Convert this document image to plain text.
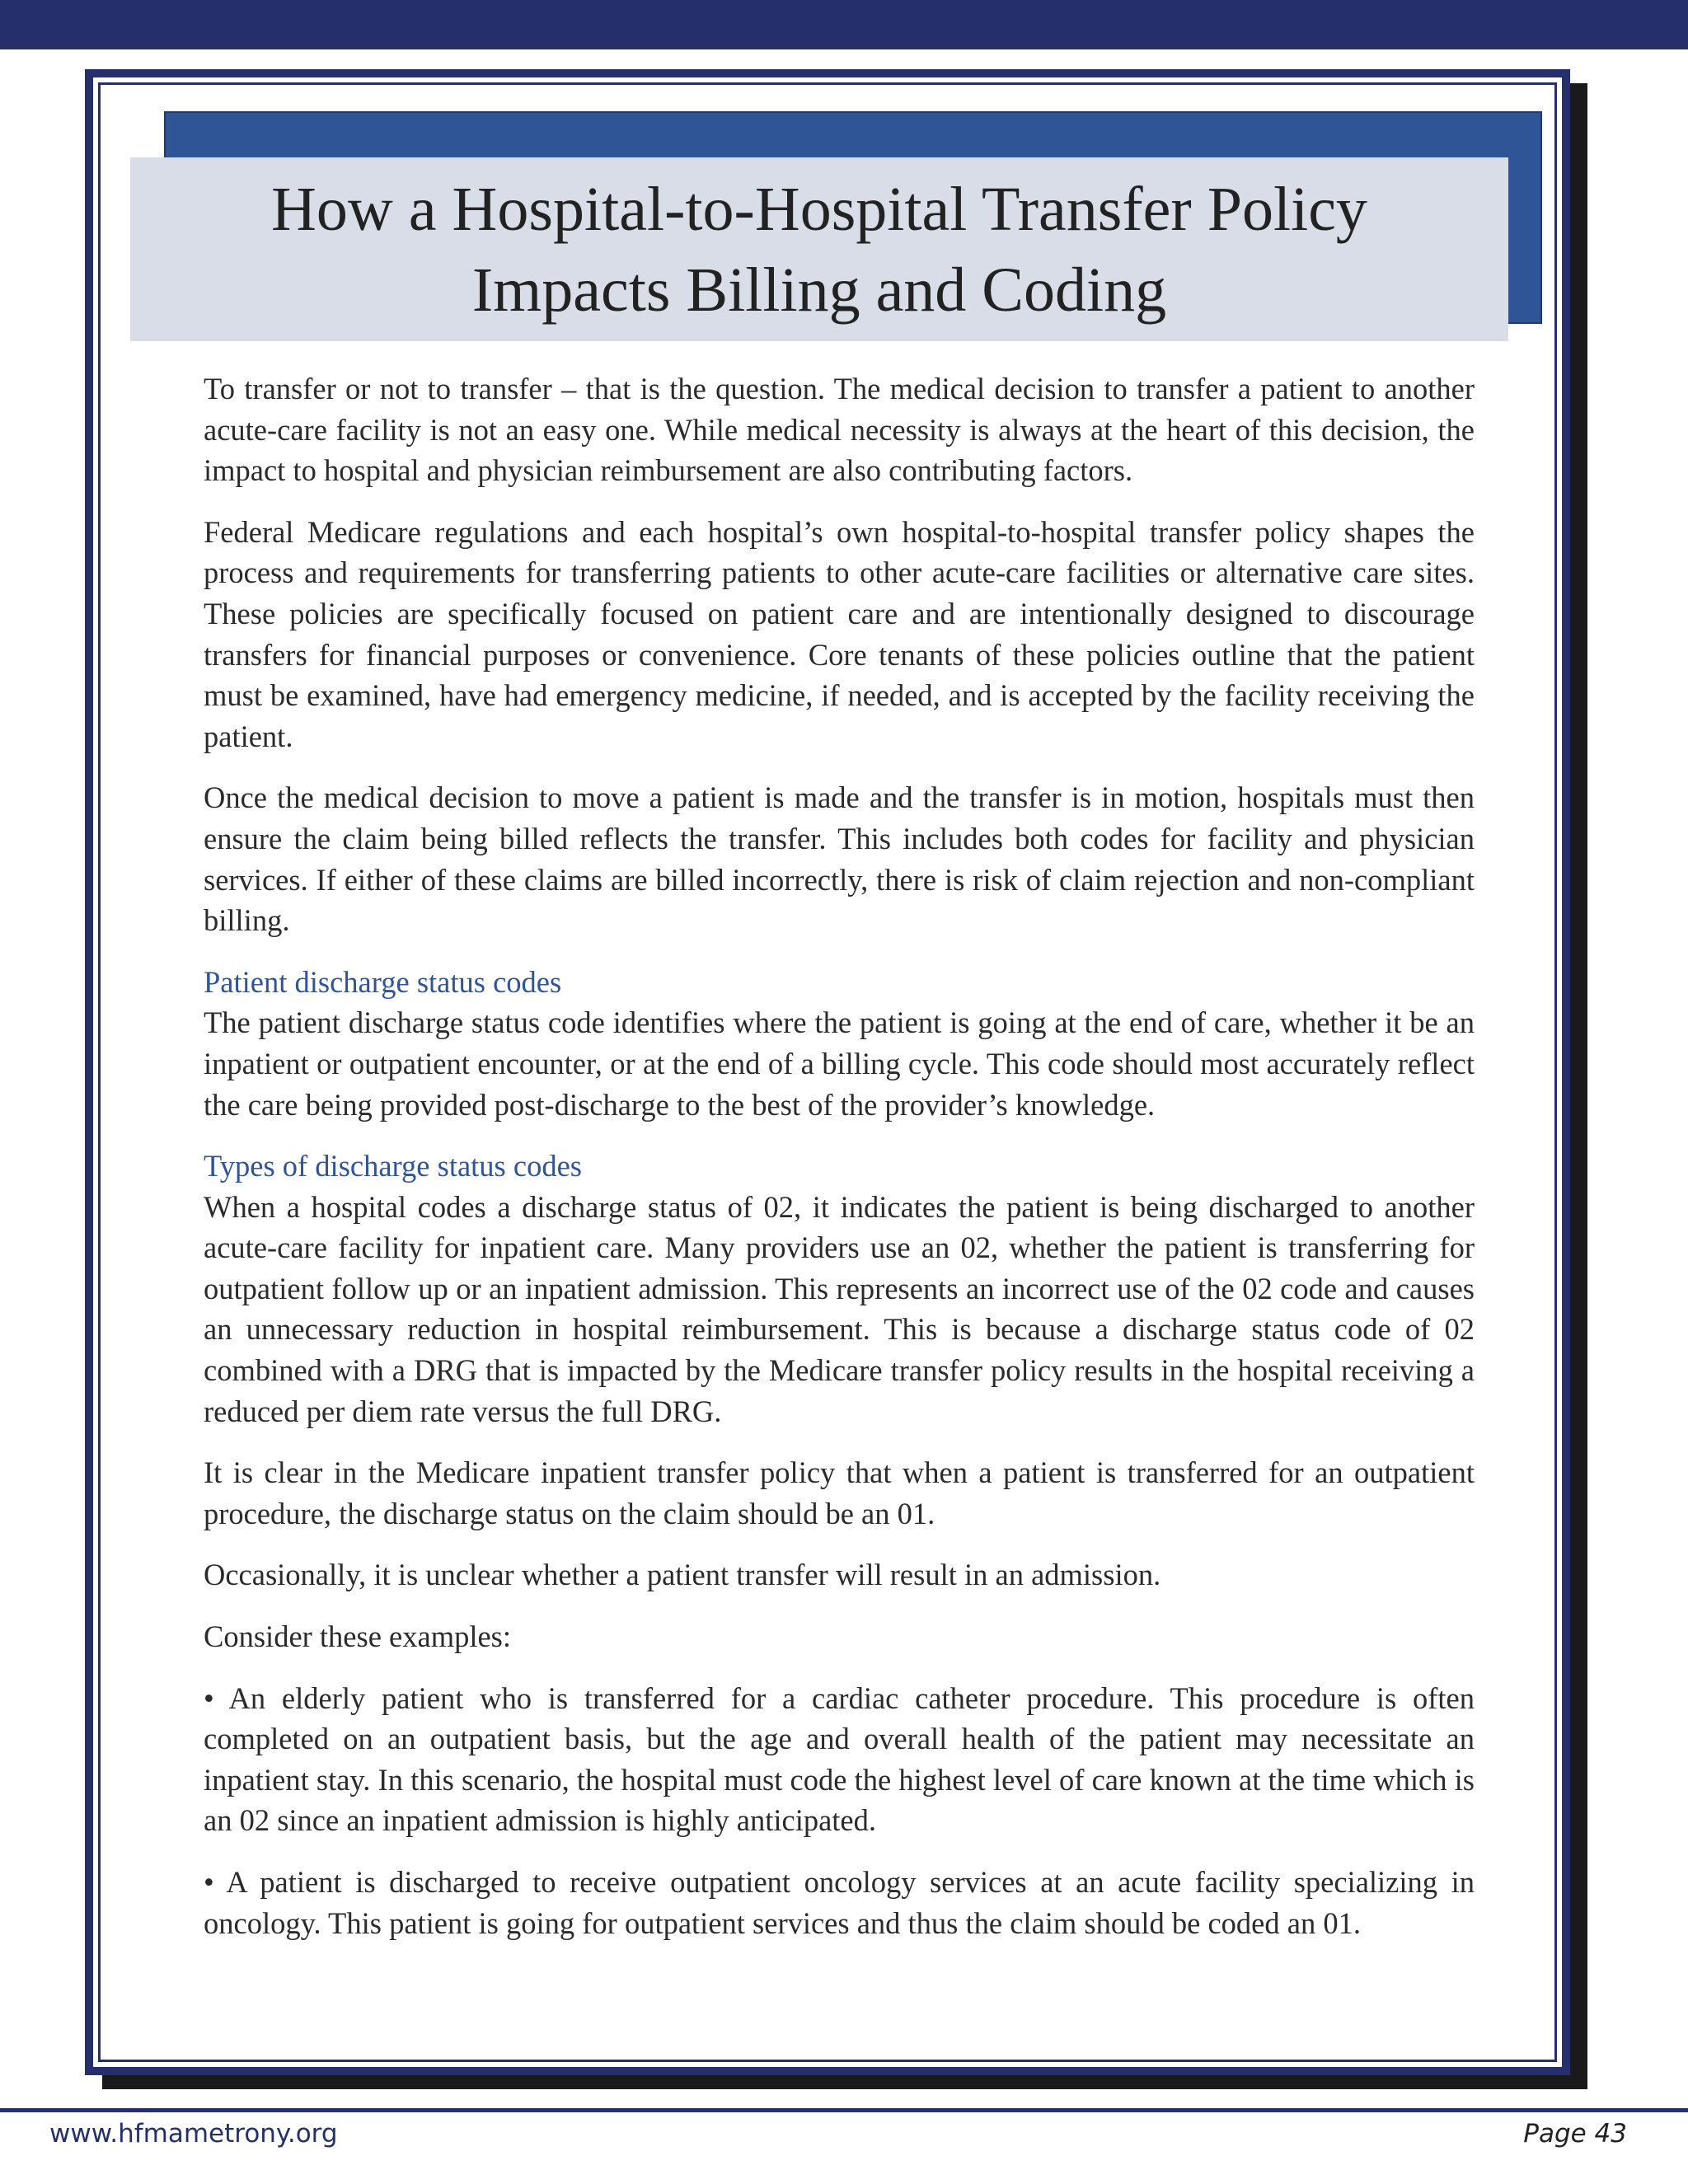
How a Hospital-to-Hospital Transfer Policy
Impacts Billing and Coding

To transfer or not to transfer – that is the question. The medical decision to transfer a patient to another acute-care facility is not an easy one. While medical necessity is always at the heart of this decision, the impact to hospital and physician reimbursement are also contributing factors.

Federal Medicare regulations and each hospital’s own hospital-to-hospital transfer policy shapes the process and requirements for transferring patients to other acute-care facilities or alternative care sites. These policies are specifically focused on patient care and are intentionally designed to discourage transfers for financial purposes or convenience. Core tenants of these policies outline that the patient must be examined, have had emergency medicine, if needed, and is accepted by the facility receiving the patient.

Once the medical decision to move a patient is made and the transfer is in motion, hospitals must then ensure the claim being billed reflects the transfer. This includes both codes for facility and physician services. If either of these claims are billed incorrectly, there is risk of claim rejection and non-compliant billing.

Patient discharge status codes

The patient discharge status code identifies where the patient is going at the end of care, whether it be an inpatient or outpatient encounter, or at the end of a billing cycle. This code should most accurately reflect the care being provided post-discharge to the best of the provider’s knowledge.

Types of discharge status codes

When a hospital codes a discharge status of 02, it indicates the patient is being discharged to another acute-care facility for inpatient care. Many providers use an 02, whether the patient is transferring for outpatient follow up or an inpatient admission. This represents an incorrect use of the 02 code and causes an unnecessary reduction in hospital reimbursement. This is because a discharge status code of 02 combined with a DRG that is impacted by the Medicare transfer policy results in the hospital receiving a reduced per diem rate versus the full DRG.

It is clear in the Medicare inpatient transfer policy that when a patient is transferred for an outpatient procedure, the discharge status on the claim should be an 01.

Occasionally, it is unclear whether a patient transfer will result in an admission.

Consider these examples:

• An elderly patient who is transferred for a cardiac catheter procedure. This procedure is often completed on an outpatient basis, but the age and overall health of the patient may necessitate an inpatient stay. In this scenario, the hospital must code the highest level of care known at the time which is an 02 since an inpatient admission is highly anticipated.

• A patient is discharged to receive outpatient oncology services at an acute facility specializing in oncology. This patient is going for outpatient services and thus the claim should be coded an 01.

www.hfmametrony.org	Page 43
